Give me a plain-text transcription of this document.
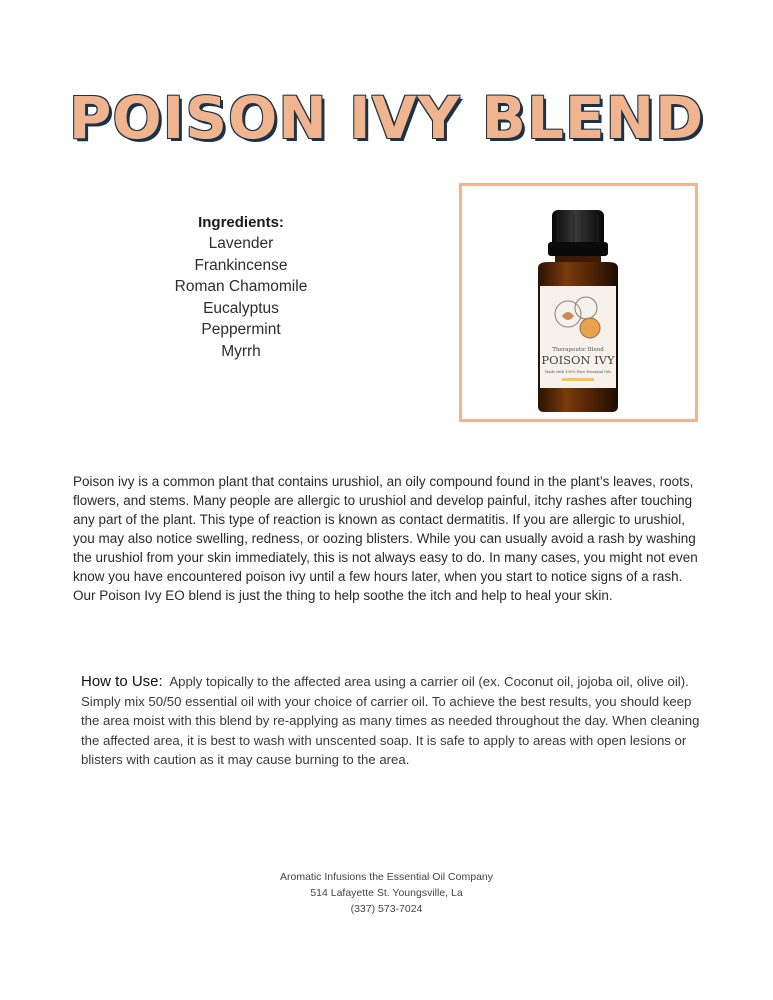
POISON IVY BLEND
Ingredients:
Lavender
Frankincense
Roman Chamomile
Eucalyptus
Peppermint
Myrrh	Therapeutic Blend
POISON IVY
Made with 100% Pure Essential Oils

Poison ivy is a common plant that contains urushiol, an oily compound found in the plant’s leaves, roots, flowers, and stems. Many people are allergic to urushiol and develop painful, itchy rashes after touching any part of the plant. This type of reaction is known as contact dermatitis. If you are allergic to urushiol, you may also notice swelling, redness, or oozing blisters. While you can usually avoid a rash by washing the urushiol from your skin immediately, this is not always easy to do. In many cases, you might not even know you have encountered poison ivy until a few hours later, when you start to notice signs of a rash. Our Poison Ivy EO blend is just the thing to help soothe the itch and help to heal your skin.

How to Use: Apply topically to the affected area using a carrier oil (ex. Coconut oil, jojoba oil, olive oil). Simply mix 50/50 essential oil with your choice of carrier oil. To achieve the best results, you should keep the area moist with this blend by re-applying as many times as needed throughout the day. When cleaning the affected area, it is best to wash with unscented soap. It is safe to apply to areas with open lesions or blisters with caution as it may cause burning to the area.

Aromatic Infusions the Essential Oil Company
514 Lafayette St. Youngsville, La
(337) 573-7024
